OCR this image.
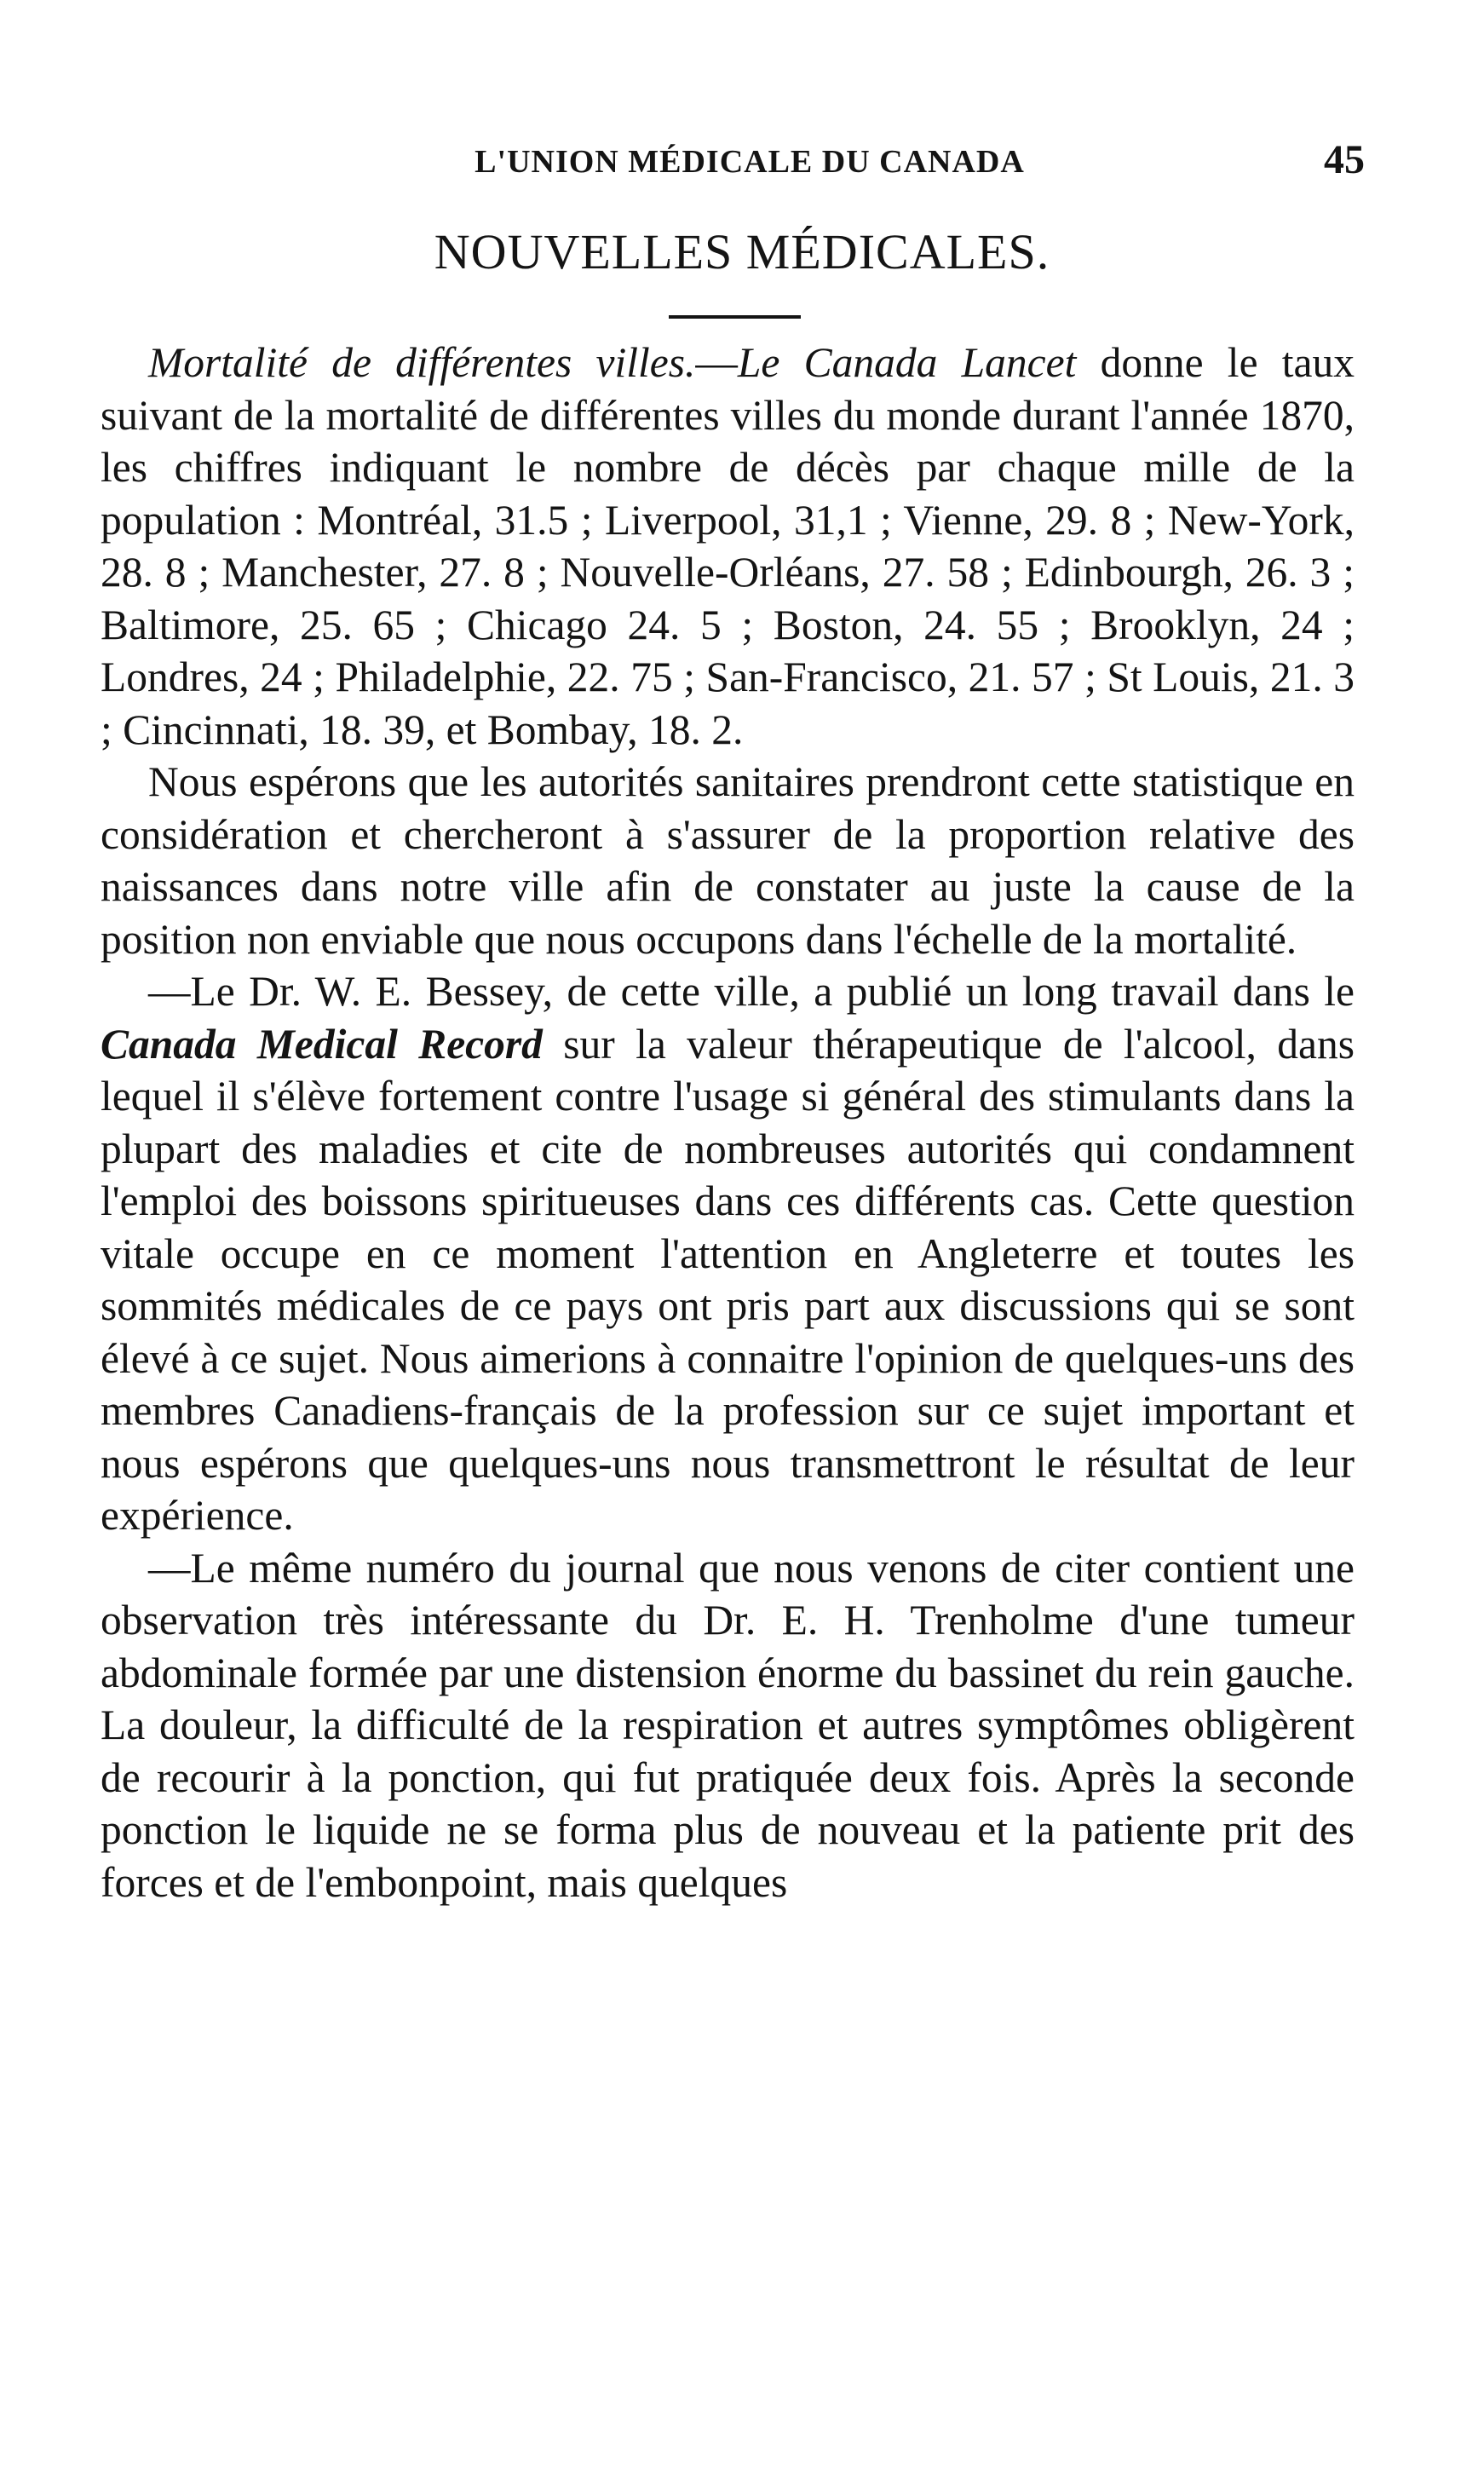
L'UNION MÉDICALE DU CANADA	45
NOUVELLES MÉDICALES.

Mortalité de différentes villes.—Le Canada Lancet donne le taux suivant de la mortalité de différentes villes du monde durant l'année 1870, les chiffres indiquant le nombre de décès par chaque mille de la population : Montréal, 31.5 ; Liverpool, 31,1 ; Vienne, 29. 8 ; New-York, 28. 8 ; Manchester, 27. 8 ; Nouvelle-Orléans, 27. 58 ; Edinbourgh, 26. 3 ; Baltimore, 25. 65 ; Chicago 24. 5 ; Boston, 24. 55 ; Brooklyn, 24 ; Londres, 24 ; Philadelphie, 22. 75 ; San-Francisco, 21. 57 ; St Louis, 21. 3 ; Cincinnati, 18. 39, et Bombay, 18. 2.

Nous espérons que les autorités sanitaires prendront cette statistique en considération et chercheront à s'assurer de la proportion relative des naissances dans notre ville afin de constater au juste la cause de la position non enviable que nous occupons dans l'échelle de la mortalité.

—Le Dr. W. E. Bessey, de cette ville, a publié un long travail dans le Canada Medical Record sur la valeur thérapeutique de l'alcool, dans lequel il s'élève fortement contre l'usage si général des stimulants dans la plupart des maladies et cite de nombreuses autorités qui condamnent l'emploi des boissons spiritueuses dans ces différents cas. Cette question vitale occupe en ce moment l'attention en Angleterre et toutes les sommités médicales de ce pays ont pris part aux discussions qui se sont élevé à ce sujet. Nous aimerions à connaitre l'opinion de quelques-uns des membres Canadiens-français de la profession sur ce sujet important et nous espérons que quelques-uns nous transmettront le résultat de leur expérience.

—Le même numéro du journal que nous venons de citer contient une observation très intéressante du Dr. E. H. Trenholme d'une tumeur abdominale formée par une distension énorme du bassinet du rein gauche. La douleur, la difficulté de la respiration et autres symptômes obligèrent de recourir à la ponction, qui fut pratiquée deux fois. Après la seconde ponction le liquide ne se forma plus de nouveau et la patiente prit des forces et de l'embonpoint, mais quelques
